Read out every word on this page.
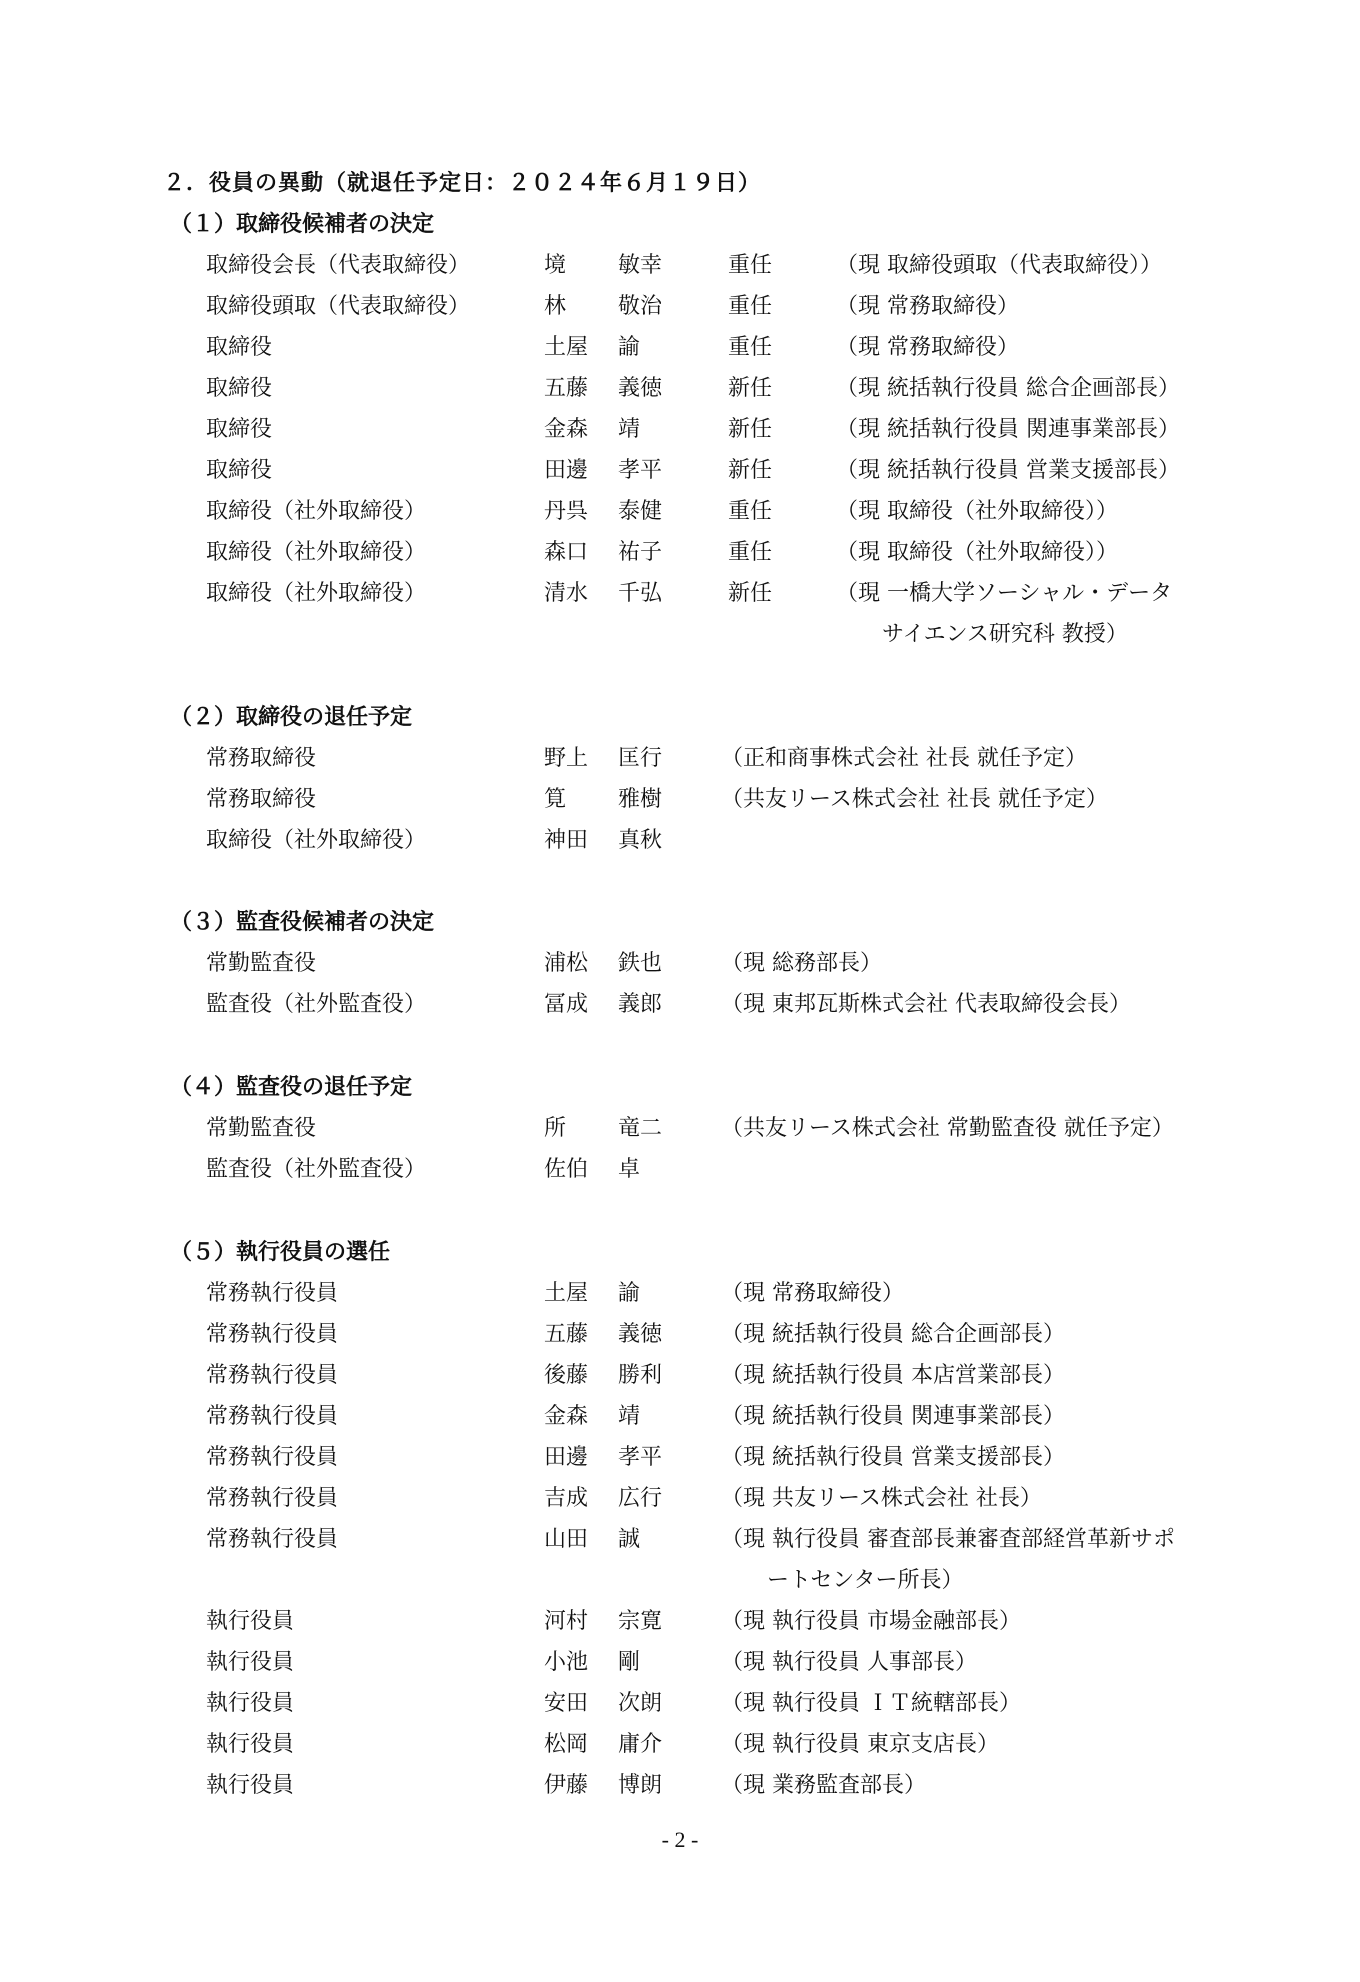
２．役員の異動（就退任予定日：２０２４年６月１９日）
（１）取締役候補者の決定
取締役会長（代表取締役）	境 敏幸	重任	（現 取締役頭取（代表取締役））
取締役頭取（代表取締役）	林 敬治	重任	（現 常務取締役）
取締役	土屋 諭	重任	（現 常務取締役）
取締役	五藤 義徳	新任	（現 統括執行役員 総合企画部長）
取締役	金森 靖	新任	（現 統括執行役員 関連事業部長）
取締役	田邊 孝平	新任	（現 統括執行役員 営業支援部長）
取締役（社外取締役）	丹呉 泰健	重任	（現 取締役（社外取締役））
取締役（社外取締役）	森口 祐子	重任	（現 取締役（社外取締役））
取締役（社外取締役）	清水 千弘	新任	（現 一橋大学ソーシャル・データ
サイエンス研究科 教授）
（２）取締役の退任予定
常務取締役	野上 匡行	（正和商事株式会社 社長 就任予定）
常務取締役	筧 雅樹	（共友リース株式会社 社長 就任予定）
取締役（社外取締役）	神田 真秋
（３）監査役候補者の決定
常勤監査役	浦松 鉄也	（現 総務部長）
監査役（社外監査役）	冨成 義郎	（現 東邦瓦斯株式会社 代表取締役会長）
（４）監査役の退任予定
常勤監査役	所 竜二	（共友リース株式会社 常勤監査役 就任予定）
監査役（社外監査役）	佐伯 卓
（５）執行役員の選任
常務執行役員	土屋 諭	（現 常務取締役）
常務執行役員	五藤 義徳	（現 統括執行役員 総合企画部長）
常務執行役員	後藤 勝利	（現 統括執行役員 本店営業部長）
常務執行役員	金森 靖	（現 統括執行役員 関連事業部長）
常務執行役員	田邊 孝平	（現 統括執行役員 営業支援部長）
常務執行役員	吉成 広行	（現 共友リース株式会社 社長）
常務執行役員	山田 誠	（現 執行役員 審査部長兼審査部経営革新サポ
ートセンター所長）
執行役員	河村 宗寛	（現 執行役員 市場金融部長）
執行役員	小池 剛	（現 執行役員 人事部長）
執行役員	安田 次朗	（現 執行役員 ＩＴ統轄部長）
執行役員	松岡 庸介	（現 執行役員 東京支店長）
執行役員	伊藤 博朗	（現 業務監査部長）
- 2 -
